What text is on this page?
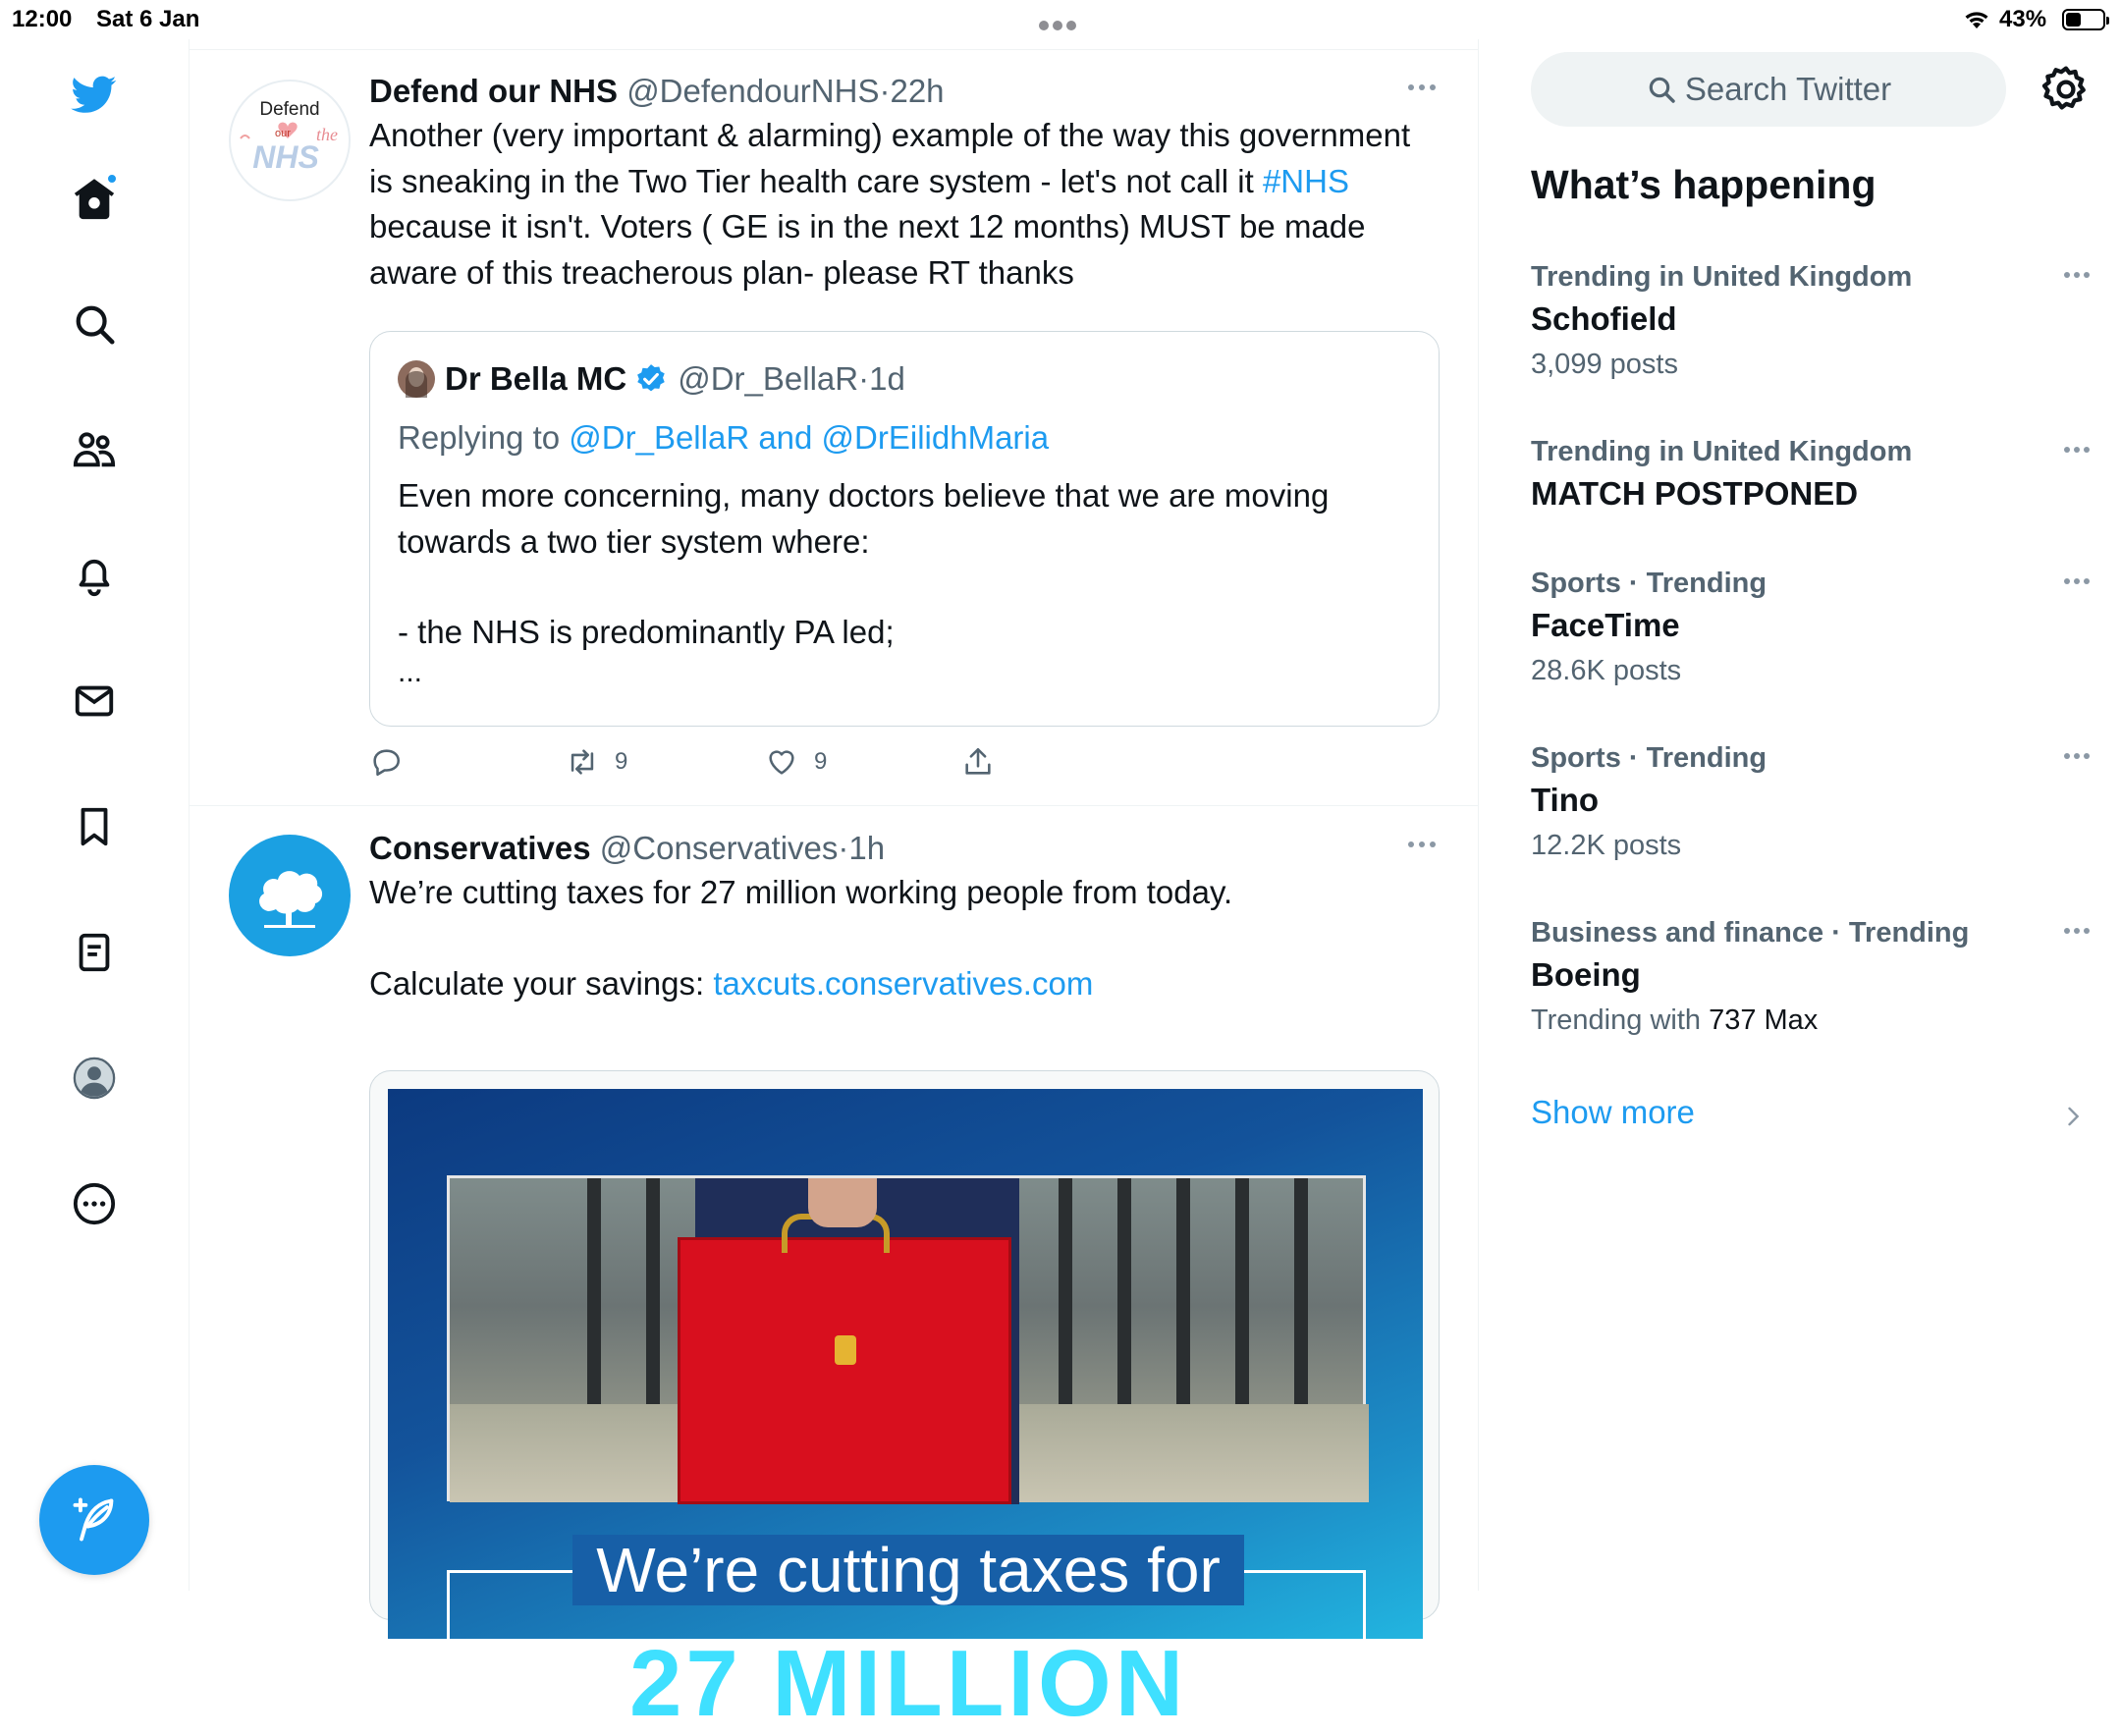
12:00 Sat 6 Jan	43%
Defend
our the
NHS
Defend our NHS @DefendourNHS·22h
Another (very important & alarming) example of the way this government is sneaking in the Two Tier health care system - let's not call it #NHS because it isn't. Voters ( GE is in the next 12 months) MUST be made aware of this treacherous plan- please RT thanks
Dr Bella MC @Dr_BellaR · 1d
Replying to @Dr_BellaR and @DrEilidhMaria
Even more concerning, many doctors believe that we are moving towards a two tier system where:
- the NHS is predominantly PA led;
...
9	9
Conservatives @Conservatives·1h
We’re cutting taxes for 27 million working people from today.
Calculate your savings: taxcuts.conservatives.com
We’re cutting taxes for
27 MILLION
Search Twitter
What’s happening
Trending in United Kingdom
Schofield
3,099 posts
Trending in United Kingdom
MATCH POSTPONED
Sports · Trending
FaceTime
28.6K posts
Sports · Trending
Tino
12.2K posts
Business and finance · Trending
Boeing
Trending with 737 Max
Show more
